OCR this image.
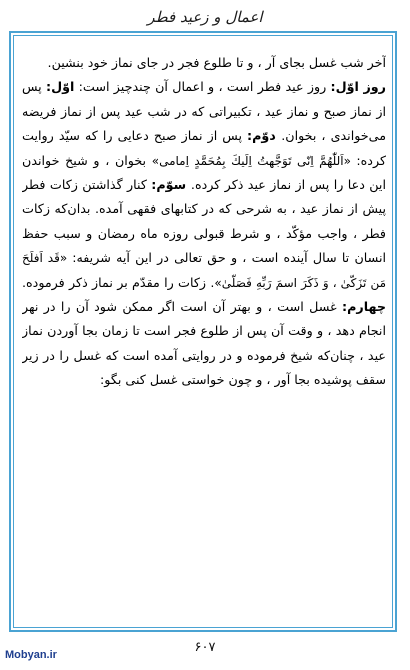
اعمال و زعید فطر

آخر شب غسل بجای آر ، و تا طلوع فجر در جای نماز خود بنشین.

روز اوّل: روز عید فطر است ، و اعمال آن چندچیز است: اوّل: پس از نماز صبح و نماز عید ، تکبیراتی که در شب عید پس از نماز فریضه می‌خواندی ، بخوان. دوّم: پس از نماز صبح دعایی را که سیّد روایت کرده: «اَللّٰهُمَّ اِنّی تَوَجَّهتُ اِلَيكَ بِمُحَمَّدٍ اِمامی» بخوان ، و شیخ خواندن این دعا را پس از نماز عید ذکر کرده. سوّم: کنار گذاشتن زکات فطر پیش از نماز عید ، به شرحی که در کتابهای فقهی آمده. بدان‌که زکات فطر ، واجب مؤکّد ، و شرط قبولی روزه ماه رمضان و سبب حفظ انسان تا سال آینده است ، و حق تعالی در این آیه شریفه: «قَد اَفلَحَ مَن تَزَکّیٰ ، وَ ذَکَرَ اسمَ رَبِّهِ فَصَلّیٰ». زکات را مقدّم بر نماز ذکر فرموده. چهارم: غسل است ، و بهتر آن است اگر ممکن شود آن را در نهر انجام دهد ، و وقت آن پس از طلوع فجر است تا زمان بجا آوردن نماز عید ، چنان‌که شیخ فرموده و در روایتی آمده است که غسل را در زیر سقف پوشیده بجا آور ، و چون خواستی غسل کنی بگو:

۶۰۷
Mobyan.ir
